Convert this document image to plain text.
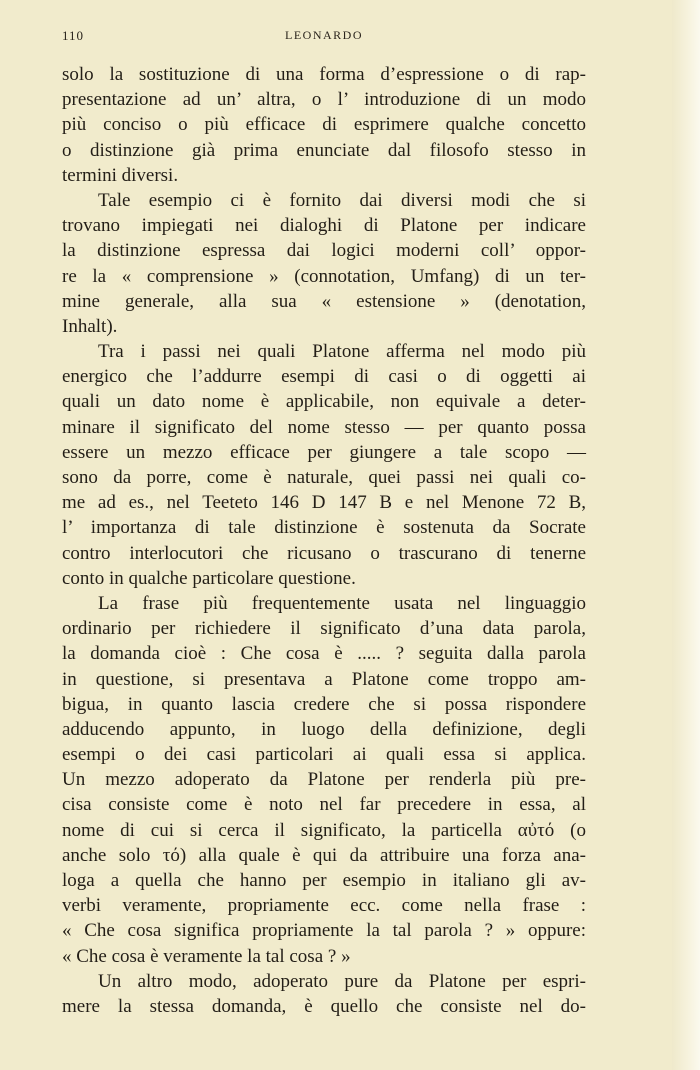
110	LEONARDO
solo la sostituzione di una forma d’espressione o di rap-
presentazione ad un’ altra, o l’ introduzione di un modo
più conciso o più efficace di esprimere qualche concetto
o distinzione già prima enunciate dal filosofo stesso in
termini diversi.
Tale esempio ci è fornito dai diversi modi che si
trovano impiegati nei dialoghi di Platone per indicare
la distinzione espressa dai logici moderni coll’ oppor-
re la « comprensione » (connotation, Umfang) di un ter-
mine generale, alla sua « estensione » (denotation,
Inhalt).
Tra i passi nei quali Platone afferma nel modo più
energico che l’addurre esempi di casi o di oggetti ai
quali un dato nome è applicabile, non equivale a deter-
minare il significato del nome stesso — per quanto possa
essere un mezzo efficace per giungere a tale scopo —
sono da porre, come è naturale, quei passi nei quali co-
me ad es., nel Teeteto 146 D 147 B e nel Menone 72 B,
l’ importanza di tale distinzione è sostenuta da Socrate
contro interlocutori che ricusano o trascurano di tenerne
conto in qualche particolare questione.
La frase più frequentemente usata nel linguaggio
ordinario per richiedere il significato d’una data parola,
la domanda cioè : Che cosa è ..... ? seguita dalla parola
in questione, si presentava a Platone come troppo am-
bigua, in quanto lascia credere che si possa rispondere
adducendo appunto, in luogo della definizione, degli
esempi o dei casi particolari ai quali essa si applica.
Un mezzo adoperato da Platone per renderla più pre-
cisa consiste come è noto nel far precedere in essa, al
nome di cui si cerca il significato, la particella αὐτό (o
anche solo τό) alla quale è qui da attribuire una forza ana-
loga a quella che hanno per esempio in italiano gli av-
verbi veramente, propriamente ecc. come nella frase :
« Che cosa significa propriamente la tal parola ? » oppure:
« Che cosa è veramente la tal cosa ? »
Un altro modo, adoperato pure da Platone per espri-
mere la stessa domanda, è quello che consiste nel do-
